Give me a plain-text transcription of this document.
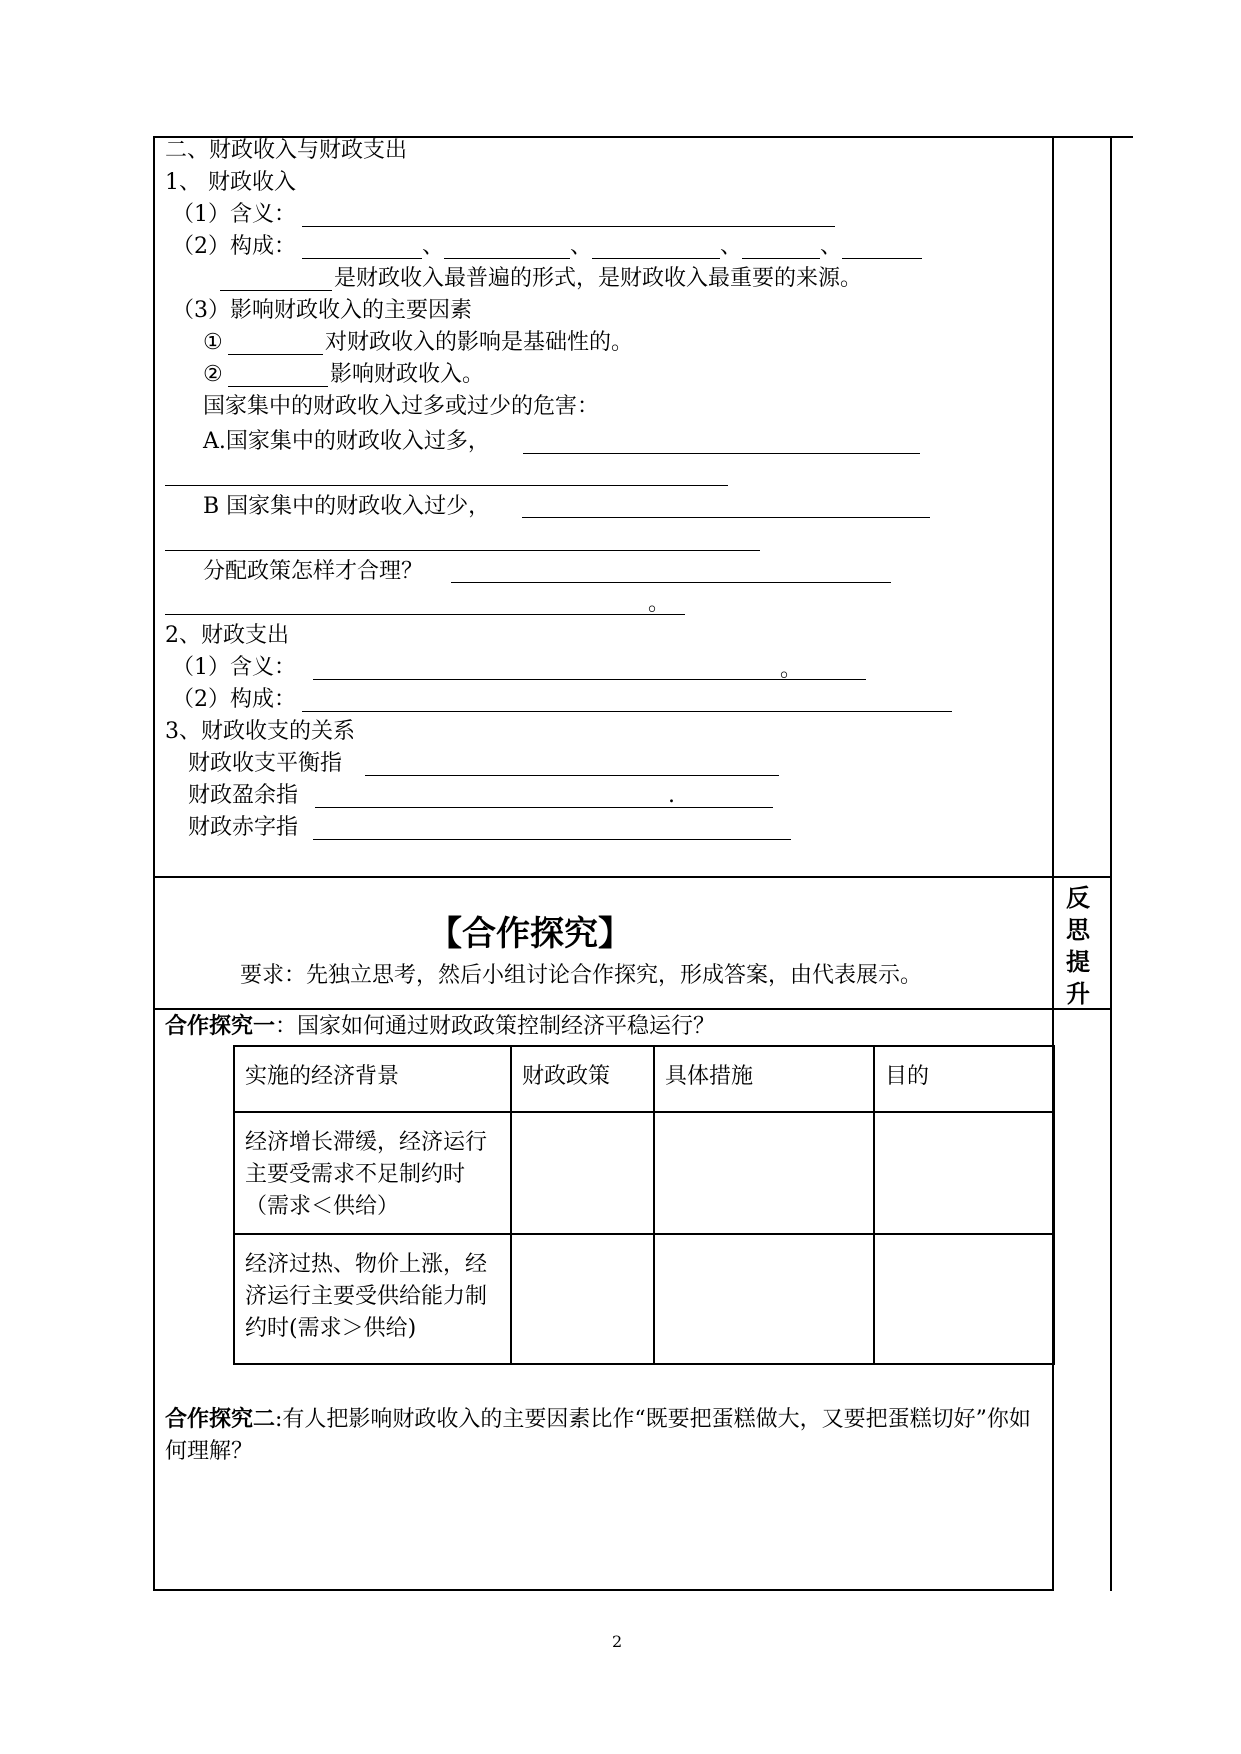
二、财政收入与财政支出
1、 财政收入
（1）含义：
（2）构成：	、	、	、	、
是财政收入最普遍的形式，是财政收入最重要的来源。
（3）影响财政收入的主要因素
①	对财政收入的影响是基础性的。
②	影响财政收入。
国家集中的财政收入过多或过少的危害：
A.国家集中的财政收入过多，
B 国家集中的财政收入过少，
分配政策怎样才合理？
。
2、财政支出
（1）含义：	。
（2）构成：
3、财政收支的关系
财政收支平衡指
财政盈余指	.
财政赤字指
【合作探究】
要求：先独立思考，然后小组讨论合作探究，形成答案，由代表展示。
反
思
提
升
合作探究一：国家如何通过财政政策控制经济平稳运行？
实施的经济背景	财政政策	具体措施	目的
经济增长滞缓，经济运行主要受需求不足制约时（需求＜供给）			
经济过热、物价上涨，经济运行主要受供给能力制约时(需求＞供给)			
合作探究二:有人把影响财政收入的主要因素比作“既要把蛋糕做大，又要把蛋糕切好”你如何理解？
2
